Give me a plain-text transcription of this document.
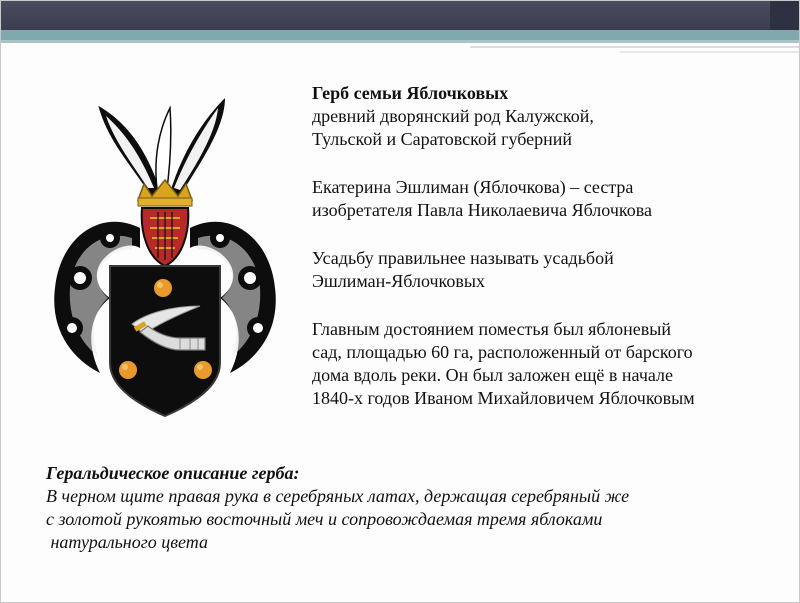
Герб семьи Яблочковых
древний дворянский род Калужской,
Тульской и Саратовской губерний

Екатерина Эшлиман (Яблочкова) – сестра
изобретателя Павла Николаевича Яблочкова

Усадьбу правильнее называть усадьбой
Эшлиман-Яблочковых

Главным достоянием поместья был яблоневый
сад, площадью 60 га, расположенный от барского
дома вдоль реки. Он был заложен ещё в начале
1840-х годов Иваном Михайловичем Яблочковым

Геральдическое описание герба:
В черном щите правая рука в серебряных латах, держащая серебряный же
с золотой рукоятью восточный меч и сопровождаемая тремя яблоками
натурального цвета
